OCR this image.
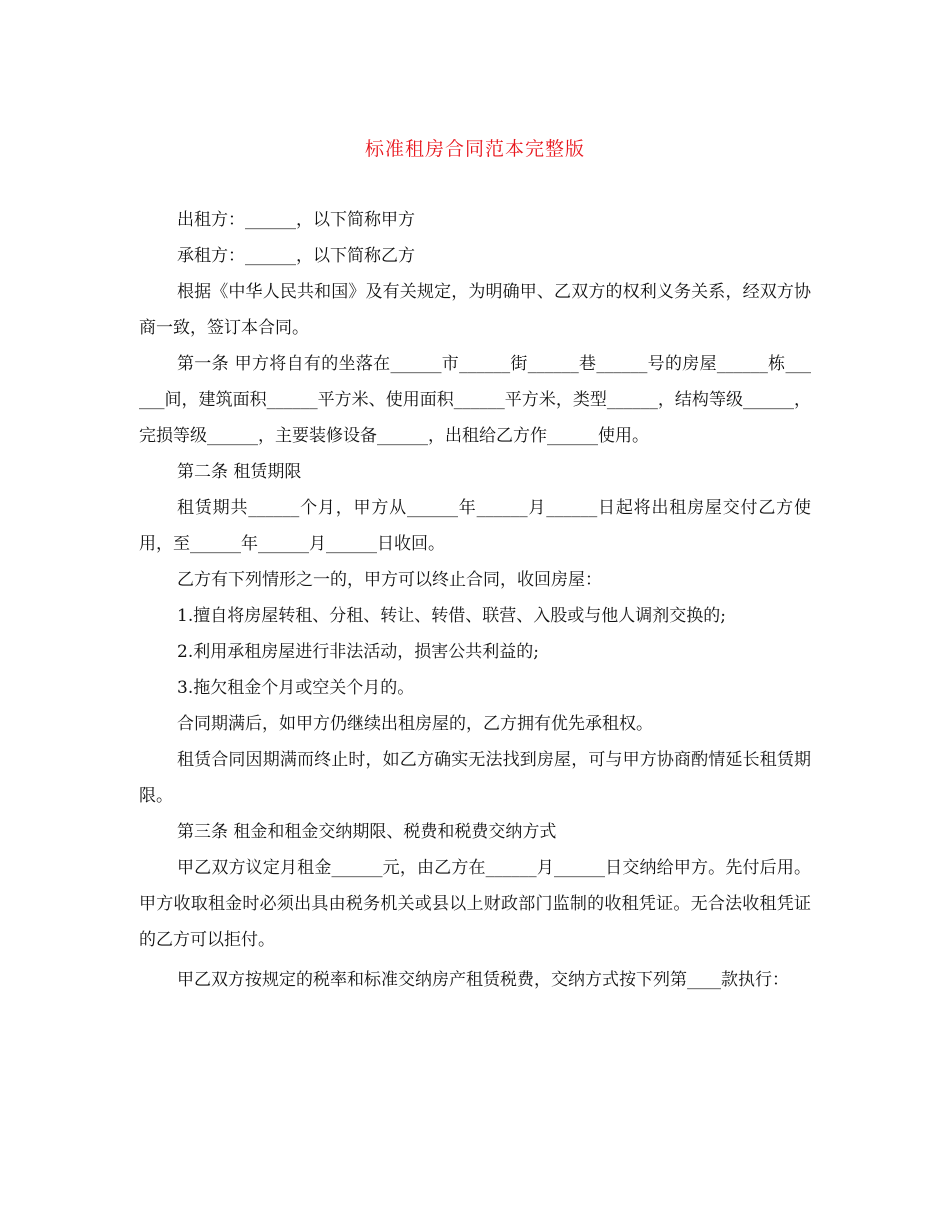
标准租房合同范本完整版

出租方：______，以下简称甲方

承租方：______，以下简称乙方

根据《中华人民共和国》及有关规定，为明确甲、乙双方的权利义务关系，经双方协商一致，签订本合同。

第一条 甲方将自有的坐落在______市______街______巷______号的房屋______栋______间，建筑面积______平方米、使用面积______平方米，类型______，结构等级______，完损等级______，主要装修设备______，出租给乙方作______使用。

第二条 租赁期限

租赁期共______个月，甲方从______年______月______日起将出租房屋交付乙方使用，至______年______月______日收回。

乙方有下列情形之一的，甲方可以终止合同，收回房屋：

1.擅自将房屋转租、分租、转让、转借、联营、入股或与他人调剂交换的;

2.利用承租房屋进行非法活动，损害公共利益的;

3.拖欠租金个月或空关个月的。

合同期满后，如甲方仍继续出租房屋的，乙方拥有优先承租权。

租赁合同因期满而终止时，如乙方确实无法找到房屋，可与甲方协商酌情延长租赁期限。

第三条 租金和租金交纳期限、税费和税费交纳方式

甲乙双方议定月租金______元，由乙方在______月______日交纳给甲方。先付后用。甲方收取租金时必须出具由税务机关或县以上财政部门监制的收租凭证。无合法收租凭证的乙方可以拒付。

甲乙双方按规定的税率和标准交纳房产租赁税费，交纳方式按下列第____款执行：
